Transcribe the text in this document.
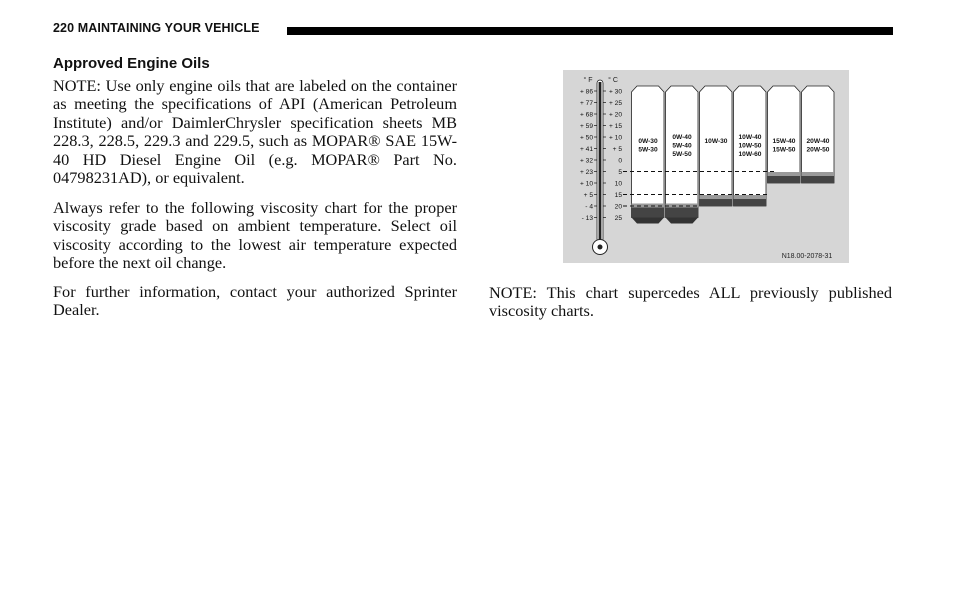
220 MAINTAINING YOUR VEHICLE
Approved Engine Oils

NOTE: Use only engine oils that are labeled on the container as meeting the specifications of API (American Petroleum Institute) and/or DaimlerChrysler specification sheets MB 228.3, 228.5, 229.3 and 229.5, such as MOPAR® SAE 15W-40 HD Diesel Engine Oil (e.g. MOPAR® Part No. 04798231AD), or equivalent.

Always refer to the following viscosity chart for the proper viscosity grade based on ambient temperature. Select oil viscosity according to the lowest air temperature expected before the next oil change.

For further information, contact your authorized Sprinter Dealer.

0W-30
5W-30
0W-40
5W-40
5W-50
10W-30
10W-40
10W-50
10W-60
15W-40
15W-50
20W-40
20W-50
+ 86 + 30
+ 77 + 25
+ 68 + 20
+ 59 + 15
+ 50 + 10
+ 41	+ 5
+ 32	0
+ 23	5
+ 10	10
+ 5	15
- 4	20
- 13	25
° F ° C
N18.00-2078-31

NOTE: This chart supercedes ALL previously published viscosity charts.
